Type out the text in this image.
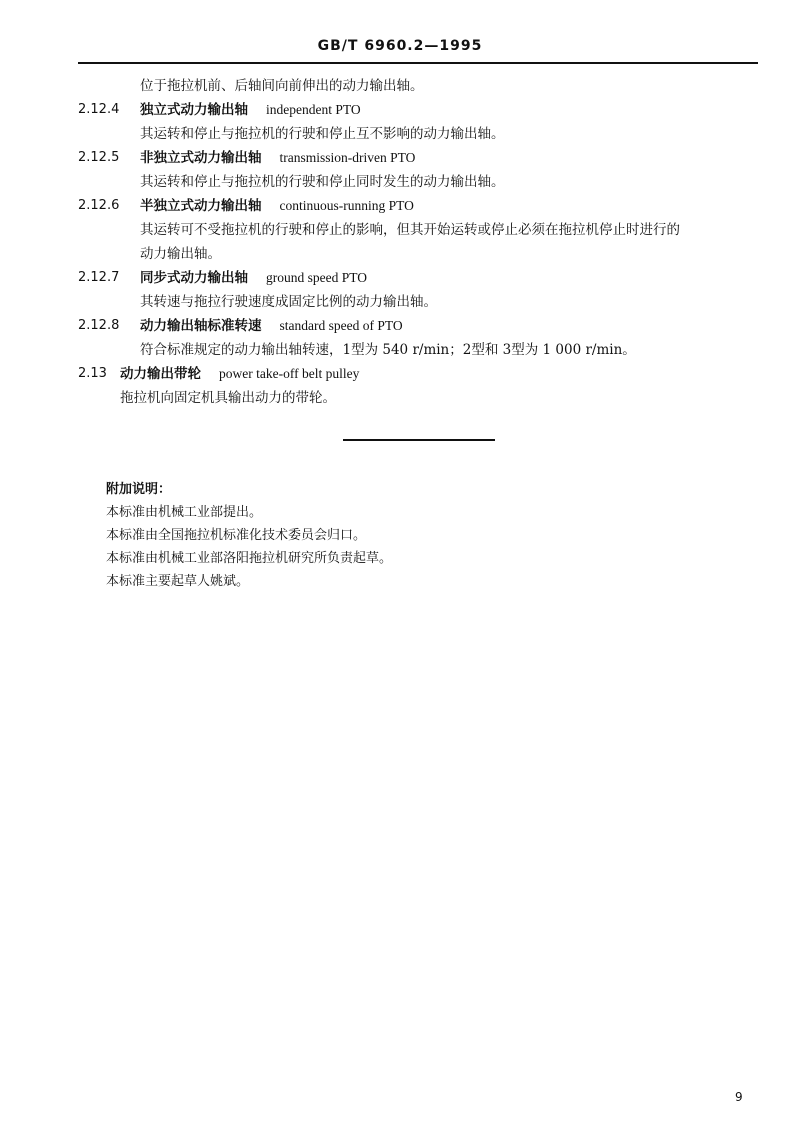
GB/T 6960.2—1995
位于拖拉机前、后轴间向前伸出的动力输出轴。
2.12.4	独立式动力输出轴 independent PTO
其运转和停止与拖拉机的行驶和停止互不影响的动力输出轴。
2.12.5	非独立式动力输出轴 transmission-driven PTO
其运转和停止与拖拉机的行驶和停止同时发生的动力输出轴。
2.12.6	半独立式动力输出轴 continuous-running PTO
其运转可不受拖拉机的行驶和停止的影响，但其开始运转或停止必须在拖拉机停止时进行的
动力输出轴。
2.12.7	同步式动力输出轴 ground speed PTO
其转速与拖拉行驶速度成固定比例的动力输出轴。
2.12.8	动力输出轴标准转速 standard speed of PTO
符合标准规定的动力输出轴转速，1型为 540 r/min；2型和 3型为 1 000 r/min。
2.13 动力输出带轮 power take-off belt pulley
拖拉机向固定机具输出动力的带轮。
附加说明：
本标准由机械工业部提出。
本标准由全国拖拉机标准化技术委员会归口。
本标准由机械工业部洛阳拖拉机研究所负责起草。
本标准主要起草人姚斌。
9
